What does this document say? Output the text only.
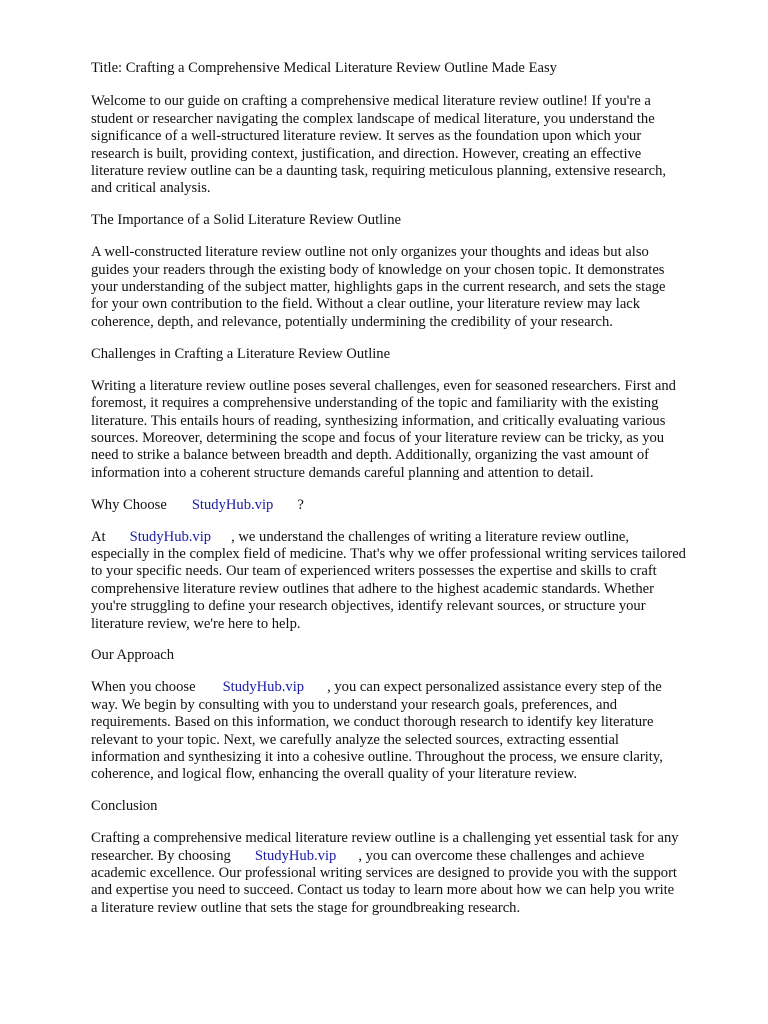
Title: Crafting a Comprehensive Medical Literature Review Outline Made Easy

Welcome to our guide on crafting a comprehensive medical literature review outline! If you're a
student or researcher navigating the complex landscape of medical literature, you understand the
significance of a well-structured literature review. It serves as the foundation upon which your
research is built, providing context, justification, and direction. However, creating an effective
literature review outline can be a daunting task, requiring meticulous planning, extensive research,
and critical analysis.

The Importance of a Solid Literature Review Outline

A well-constructed literature review outline not only organizes your thoughts and ideas but also
guides your readers through the existing body of knowledge on your chosen topic. It demonstrates
your understanding of the subject matter, highlights gaps in the current research, and sets the stage
for your own contribution to the field. Without a clear outline, your literature review may lack
coherence, depth, and relevance, potentially undermining the credibility of your research.

Challenges in Crafting a Literature Review Outline

Writing a literature review outline poses several challenges, even for seasoned researchers. First and
foremost, it requires a comprehensive understanding of the topic and familiarity with the existing
literature. This entails hours of reading, synthesizing information, and critically evaluating various
sources. Moreover, determining the scope and focus of your literature review can be tricky, as you
need to strike a balance between breadth and depth. Additionally, organizing the vast amount of
information into a coherent structure demands careful planning and attention to detail.

Why Choose StudyHub.vip ?

At StudyHub.vip , we understand the challenges of writing a literature review outline,

especially in the complex field of medicine. That's why we offer professional writing services tailored
to your specific needs. Our team of experienced writers possesses the expertise and skills to craft
comprehensive literature review outlines that adhere to the highest academic standards. Whether
you're struggling to define your research objectives, identify relevant sources, or structure your
literature review, we're here to help.

Our Approach

When you choose StudyHub.vip , you can expect personalized assistance every step of the

way. We begin by consulting with you to understand your research goals, preferences, and
requirements. Based on this information, we conduct thorough research to identify key literature
relevant to your topic. Next, we carefully analyze the selected sources, extracting essential
information and synthesizing it into a cohesive outline. Throughout the process, we ensure clarity,
coherence, and logical flow, enhancing the overall quality of your literature review.

Conclusion

Crafting a comprehensive medical literature review outline is a challenging yet essential task for any

researcher. By choosing StudyHub.vip , you can overcome these challenges and achieve

academic excellence. Our professional writing services are designed to provide you with the support
and expertise you need to succeed. Contact us today to learn more about how we can help you write
a literature review outline that sets the stage for groundbreaking research.
